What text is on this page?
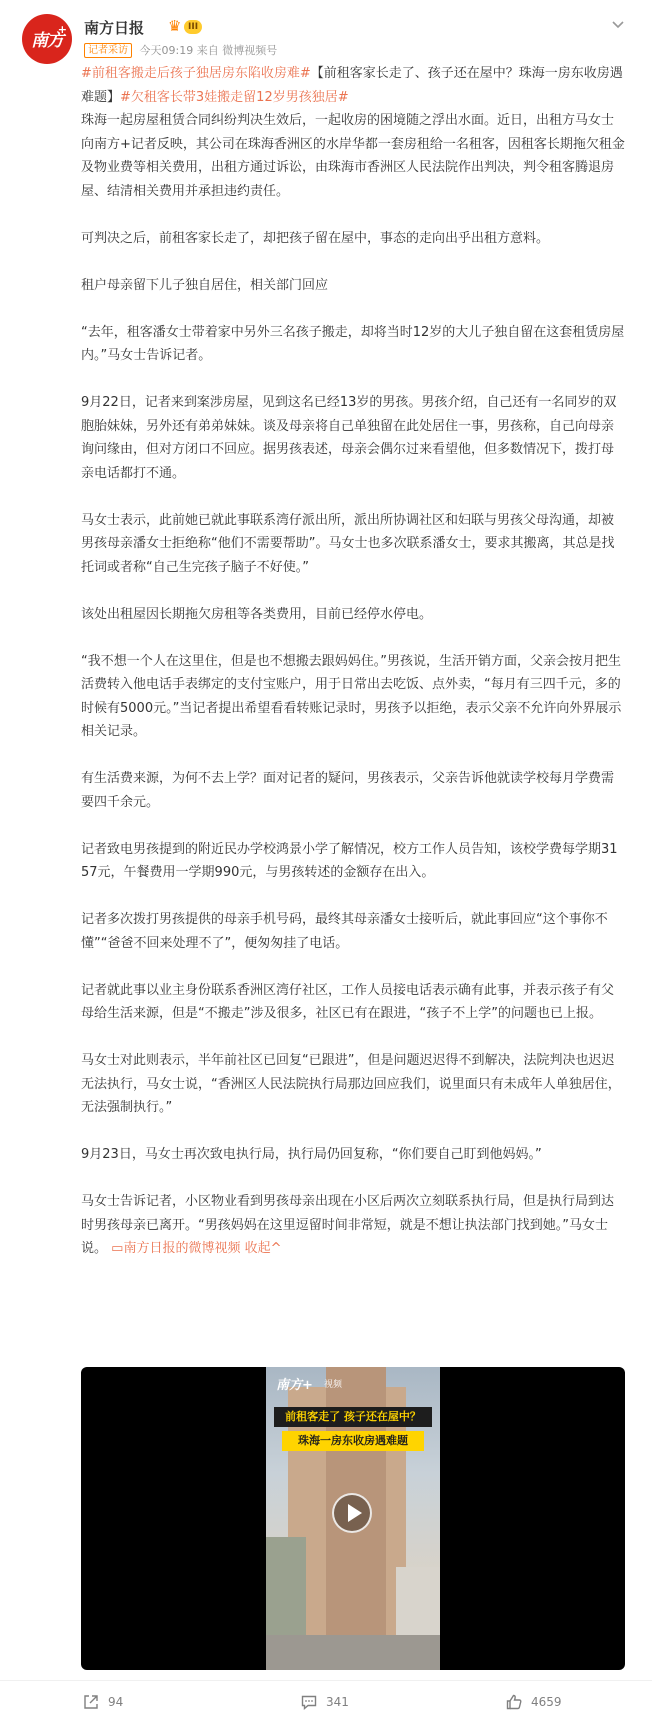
南方
+ 南方日报 ♛ III
记者采访 今天09:19 来自 微博视频号

#前租客搬走后孩子独居房东陷收房难#【前租客家长走了、孩子还在屋中？珠海一房东收房遇难题】#欠租客长带3娃搬走留12岁男孩独居#

珠海一起房屋租赁合同纠纷判决生效后，一起收房的困境随之浮出水面。近日，出租方马女士向南方+记者反映，其公司在珠海香洲区的水岸华都一套房租给一名租客，因租客长期拖欠租金及物业费等相关费用，出租方通过诉讼，由珠海市香洲区人民法院作出判决，判令租客腾退房屋、结清相关费用并承担违约责任。

可判决之后，前租客家长走了，却把孩子留在屋中，事态的走向出乎出租方意料。

租户母亲留下儿子独自居住，相关部门回应

“去年，租客潘女士带着家中另外三名孩子搬走，却将当时12岁的大儿子独自留在这套租赁房屋内。”马女士告诉记者。

9月22日，记者来到案涉房屋，见到这名已经13岁的男孩。男孩介绍，自己还有一名同岁的双胞胎妹妹，另外还有弟弟妹妹。谈及母亲将自己单独留在此处居住一事，男孩称，自己向母亲询问缘由，但对方闭口不回应。据男孩表述，母亲会偶尔过来看望他，但多数情况下，拨打母亲电话都打不通。

马女士表示，此前她已就此事联系湾仔派出所，派出所协调社区和妇联与男孩父母沟通，却被男孩母亲潘女士拒绝称“他们不需要帮助”。马女士也多次联系潘女士，要求其搬离，其总是找托词或者称“自己生完孩子脑子不好使。”

该处出租屋因长期拖欠房租等各类费用，目前已经停水停电。

“我不想一个人在这里住，但是也不想搬去跟妈妈住。”男孩说，生活开销方面，父亲会按月把生活费转入他电话手表绑定的支付宝账户，用于日常出去吃饭、点外卖，“每月有三四千元，多的时候有5000元。”当记者提出希望看看转账记录时，男孩予以拒绝，表示父亲不允许向外界展示相关记录。

有生活费来源，为何不去上学？面对记者的疑问，男孩表示，父亲告诉他就读学校每月学费需要四千余元。

记者致电男孩提到的附近民办学校鸿景小学了解情况，校方工作人员告知，该校学费每学期3157元，午餐费用一学期990元，与男孩转述的金额存在出入。

记者多次拨打男孩提供的母亲手机号码，最终其母亲潘女士接听后，就此事回应“这个事你不懂”“爸爸不回来处理不了”，便匆匆挂了电话。

记者就此事以业主身份联系香洲区湾仔社区，工作人员接电话表示确有此事，并表示孩子有父母给生活来源，但是“不搬走”涉及很多，社区已有在跟进，“孩子不上学”的问题也已上报。

马女士对此则表示，半年前社区已回复“已跟进”，但是问题迟迟得不到解决，法院判决也迟迟无法执行，马女士说，“香洲区人民法院执行局那边回应我们，说里面只有未成年人单独居住，无法强制执行。”

9月23日，马女士再次致电执行局，执行局仍回复称，“你们要自己盯到他妈妈。”

马女士告诉记者，小区物业看到男孩母亲出现在小区后两次立刻联系执行局，但是执行局到达时男孩母亲已离开。“男孩妈妈在这里逗留时间非常短，就是不想让执法部门找到她。”马女士说。 ▭南方日报的微博视频 收起^

南方+ 视频
前租客走了 孩子还在屋中？
珠海一房东收房遇难题
94	341	4659
